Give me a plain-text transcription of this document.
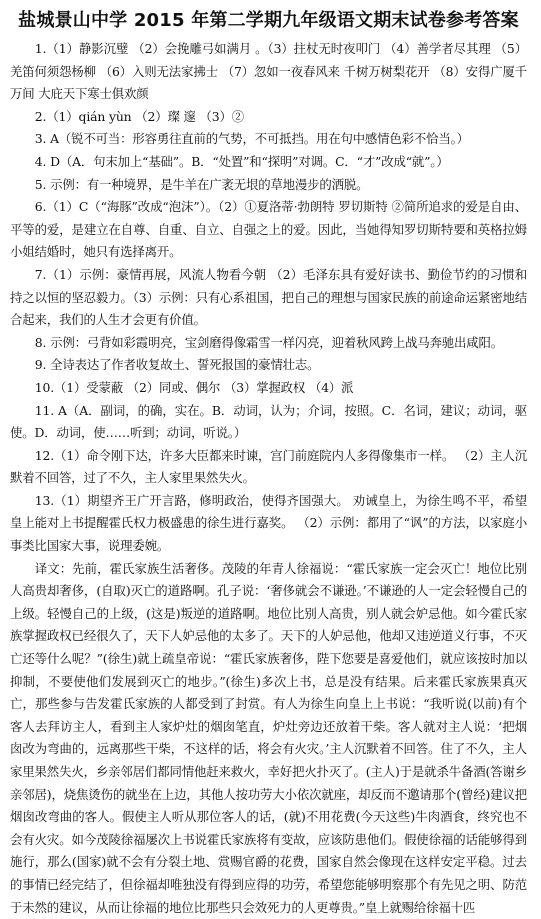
盐城景山中学 2015 年第二学期九年级语文期末试卷参考答案

1.（1）静影沉璧 （2）会挽雕弓如满月 。（3）拄杖无时夜叩门 （4）善学者尽其理 （5）羌笛何须怨杨柳 （6）入则无法家拂士 （7）忽如一夜春风来 千树万树梨花开 （8）安得广厦千万间 大庇天下寒士俱欢颜

2.（1）qián yùn （2）璨 邃 （3）②

3. A（锐不可当：形容勇往直前的气势，不可抵挡。用在句中感情色彩不恰当。）

4. D（A．句末加上“基础”。B．“处置”和“探明”对调。C．“才”改成“就”。）

5. 示例：有一种境界，是牛羊在广袤无垠的草地漫步的洒脱。

6.（1）C（“海豚”改成“泡沫”）。（2）①夏洛蒂·勃朗特 罗切斯特 ②简所追求的爱是自由、平等的爱，是建立在自尊、自重、自立、自强之上的爱。因此，当她得知罗切斯特要和英格拉姆小姐结婚时，她只有选择离开。

7.（1）示例：豪情再展，风流人物看今朝 （2）毛泽东具有爱好读书、勤俭节约的习惯和持之以恒的坚忍毅力。（3）示例：只有心系祖国，把自己的理想与国家民族的前途命运紧密地结合起来，我们的人生才会更有价值。

8. 示例：弓背如彩霞明亮，宝剑磨得像霜雪一样闪亮，迎着秋风跨上战马奔驰出咸阳。

9. 全诗表达了作者收复故土、誓死报国的豪情壮志。

10.（1）受蒙蔽 （2）同或、偶尔 （3）掌握政权 （4）派

11. A（A．副词，的确，实在。B．动词，认为；介词，按照。C．名词，建议；动词，驱使。D．动词，使……听到；动词，听说。）

12.（1）命令刚下达，许多大臣都来时谏，宫门前庭院内人多得像集市一样。 （2）主人沉默着不回答，过了不久，主人家里果然失火。

13.（1）期望齐王广开言路，修明政治，使得齐国强大。 劝诫皇上，为徐生鸣不平，希望皇上能对上书提醒霍氏权力极盛患的徐生进行嘉奖。 （2）示例：都用了“讽”的方法，以家庭小事类比国家大事，说理委婉。

译文：先前，霍氏家族生活奢侈。茂陵的年青人徐福说：“霍氏家族一定会灭亡！地位比别人高贵却奢侈，(自取)灭亡的道路啊。孔子说：‘奢侈就会不谦逊。’不谦逊的人一定会轻慢自己的上级。轻慢自己的上级，(这是)叛逆的道路啊。地位比别人高贵，别人就会妒忌他。如今霍氏家族掌握政权已经很久了，天下人妒忌他的太多了。天下的人妒忌他，他却又违逆道义行事，不灭亡还等什么呢？”(徐生)就上疏皇帝说：“霍氏家族奢侈，陛下您要是喜爱他们，就应该按时加以抑制，不要使他们发展到灭亡的地步。”(徐生)多次上书，总是没有结果。后来霍氏家族果真灭亡，那些参与告发霍氏家族的人都受到了封赏。有人为徐生向皇上上书说：“我听说(以前)有个客人去拜访主人，看到主人家炉灶的烟囱笔直，炉灶旁边还放着干柴。客人就对主人说：‘把烟囱改为弯曲的，远离那些干柴，不这样的话，将会有火灾。’主人沉默着不回答。住了不久，主人家里果然失火，乡亲邻居们都同情他赶来救火，幸好把火扑灭了。(主人)于是就杀牛备酒(答谢乡亲邻居)，烧焦烫伤的就坐在上边，其他人按功劳大小依次就座，却反而不邀请那个(曾经)建议把烟囱改弯曲的客人。假使主人听从那位客人的话，(就)不用花费(今天这些)牛肉酒食，终究也不会有火灾。如今茂陵徐福屡次上书说霍氏家族将有变故，应该防患他们。假使徐福的话能够得到施行，那么(国家)就不会有分裂土地、赏赐官爵的花费，国家自然会像现在这样安定平稳。过去的事情已经完结了，但徐福却唯独没有得到应得的功劳，希望您能够明察那个有先见之明、防范于未然的建议，从而让徐福的地位比那些只会效死力的人更尊贵。”皇上就赐给徐福十匹
